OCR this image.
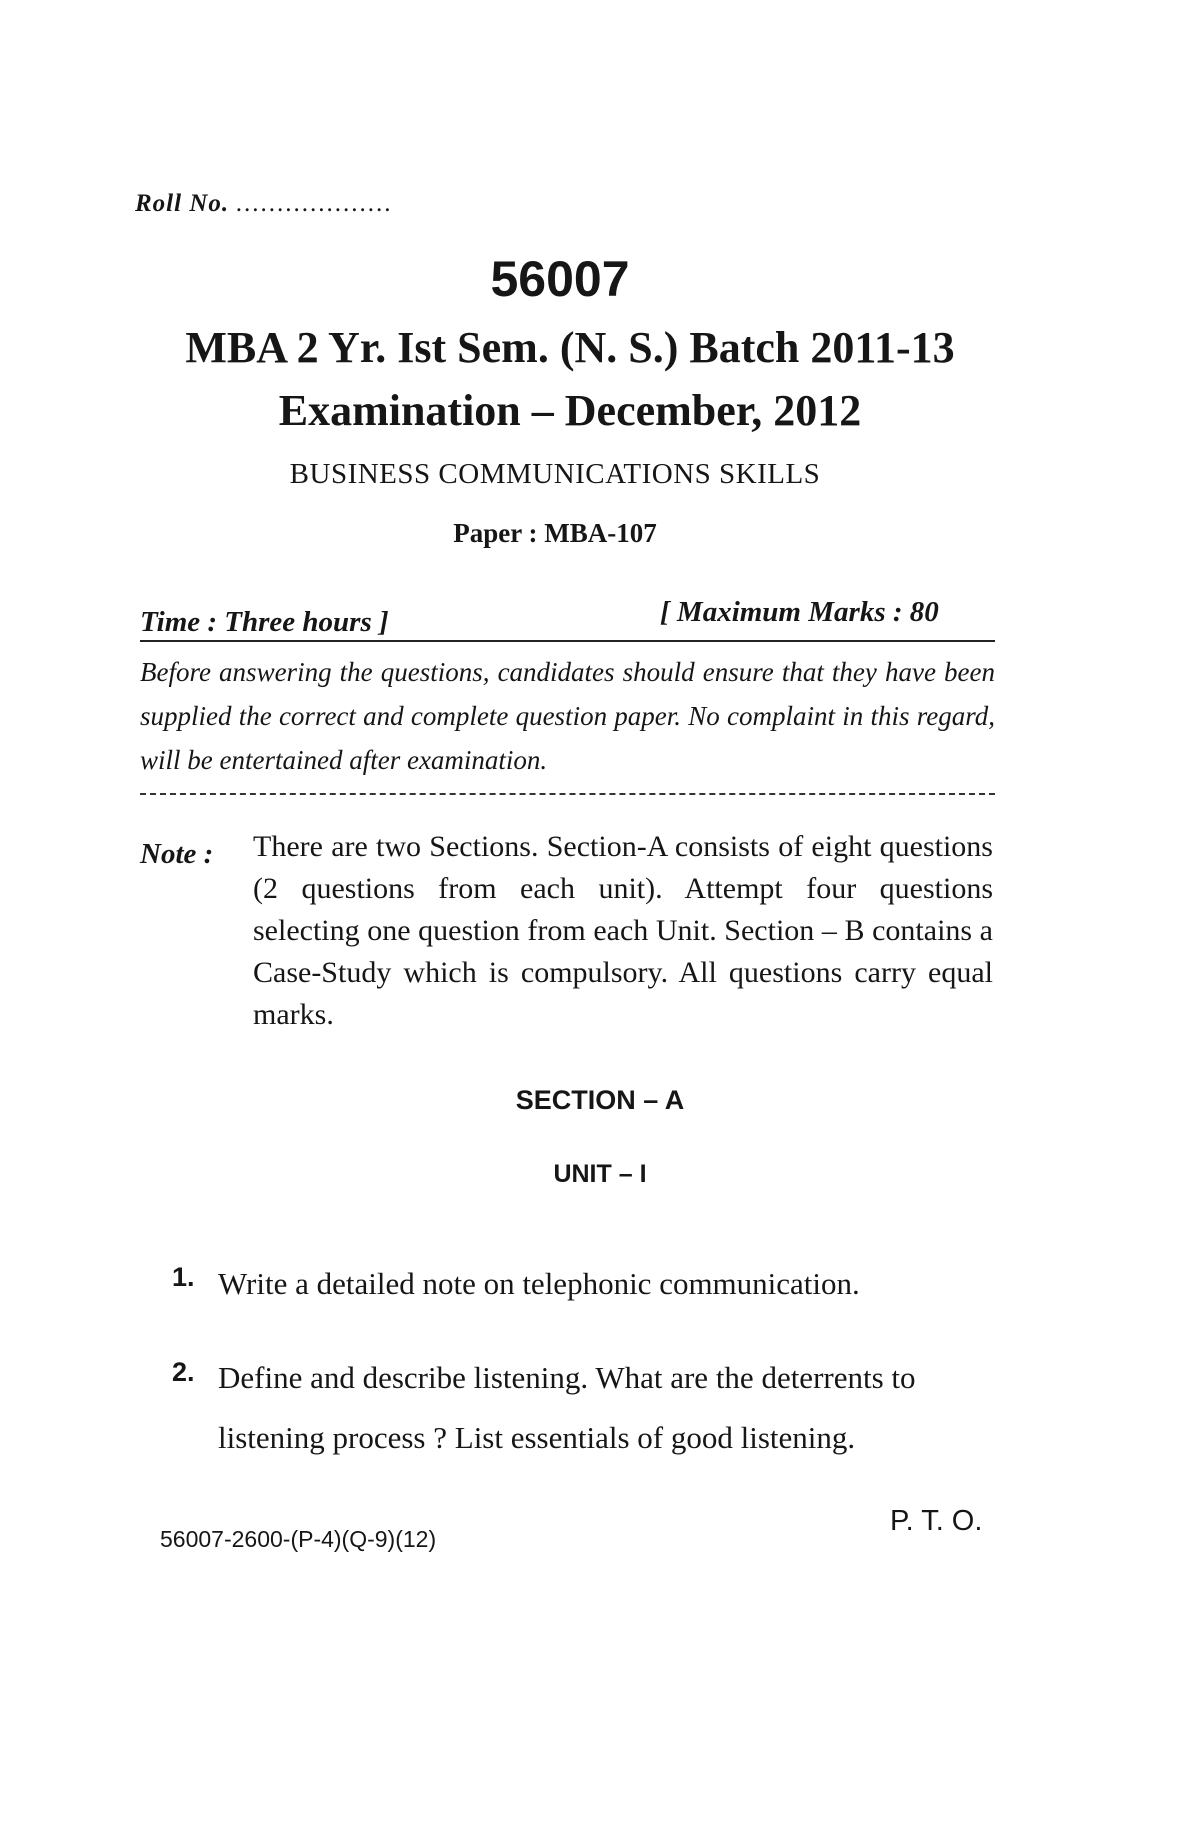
Roll No. ...................
56007
MBA 2 Yr. Ist Sem. (N. S.) Batch 2011-13
Examination – December, 2012
BUSINESS COMMUNICATIONS SKILLS
Paper : MBA-107
Time : Three hours ]	[ Maximum Marks : 80
Before answering the questions, candidates should ensure that they have been supplied the correct and complete question paper. No complaint in this regard, will be entertained after examination.
Note : There are two Sections. Section-A consists of eight questions (2 questions from each unit). Attempt four questions selecting one question from each Unit. Section – B contains a Case-Study which is compulsory. All questions carry equal marks.
SECTION – A
UNIT – I
1. Write a detailed note on telephonic communication.
2. Define and describe listening. What are the deterrents to listening process ? List essentials of good listening.
56007-2600-(P-4)(Q-9)(12)
P. T. O.
